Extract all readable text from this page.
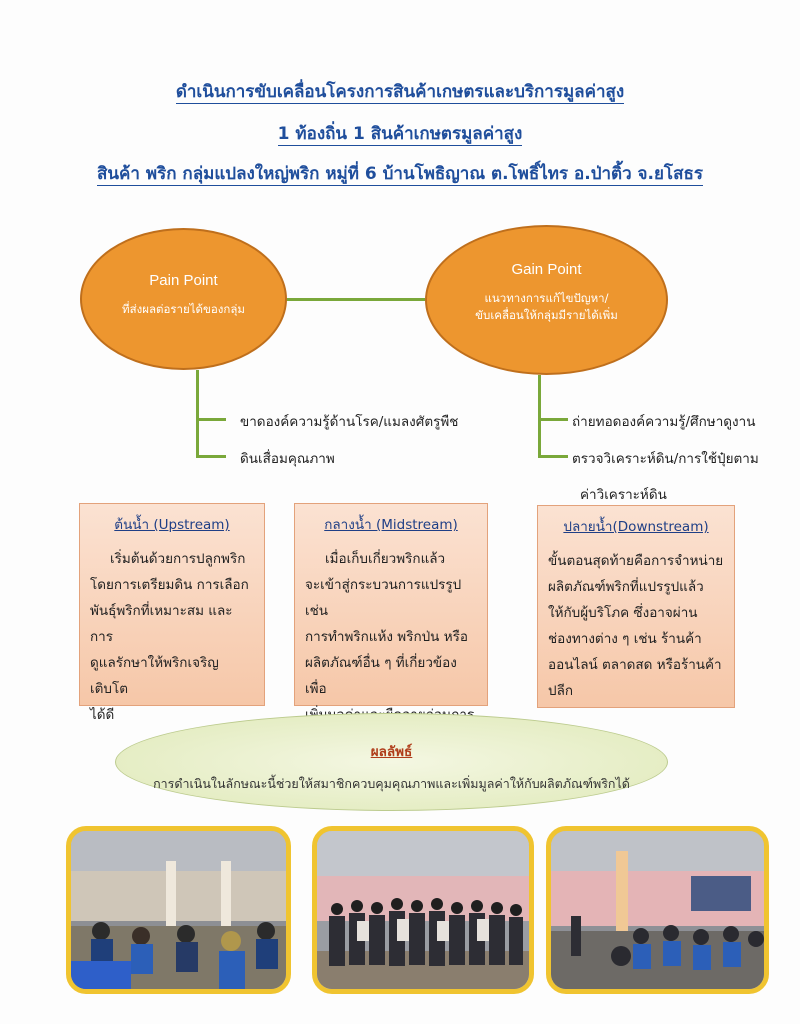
ดำเนินการขับเคลื่อนโครงการสินค้าเกษตรและบริการมูลค่าสูง
1 ท้องถิ่น 1 สินค้าเกษตรมูลค่าสูง
สินค้า พริก กลุ่มแปลงใหญ่พริก หมู่ที่ 6 บ้านโพธิญาณ ต.โพธิ์ไทร อ.ป่าติ้ว จ.ยโสธร
Pain Point
ที่ส่งผลต่อรายได้ของกลุ่ม
Gain Point
แนวทางการแก้ไขปัญหา/
ขับเคลื่อนให้กลุ่มมีรายได้เพิ่ม
ขาดองค์ความรู้ด้านโรค/แมลงศัตรูพืช
ดินเสื่อมคุณภาพ
ถ่ายทอดองค์ความรู้/ศึกษาดูงาน
ตรวจวิเคราะห์ดิน/การใช้ปุ๋ยตาม
ค่าวิเคราะห์ดิน
ต้นน้ำ (Upstream)
เริ่มต้นด้วยการปลูกพริก
โดยการเตรียมดิน การเลือก
พันธุ์พริกที่เหมาะสม และการ
ดูแลรักษาให้พริกเจริญเติบโต
ได้ดี
กลางน้ำ (Midstream)
เมื่อเก็บเกี่ยวพริกแล้ว
จะเข้าสู่กระบวนการแปรรูป เช่น
การทำพริกแห้ง พริกป่น หรือ
ผลิตภัณฑ์อื่น ๆ ที่เกี่ยวข้อง เพื่อ
ปลายน้ำ(Downstream)
ขั้นตอนสุดท้ายคือการจำหน่าย
ผลิตภัณฑ์พริกที่แปรรูปแล้ว
ให้กับผู้บริโภค ซึ่งอาจผ่าน
ช่องทางต่าง ๆ เช่น ร้านค้า
ออนไลน์ ตลาดสด หรือร้านค้า
ปลีก
ผลลัพธ์
การดำเนินในลักษณะนี้ช่วยให้สมาชิกควบคุมคุณภาพและเพิ่มมูลค่าให้กับผลิตภัณฑ์พริกได้
